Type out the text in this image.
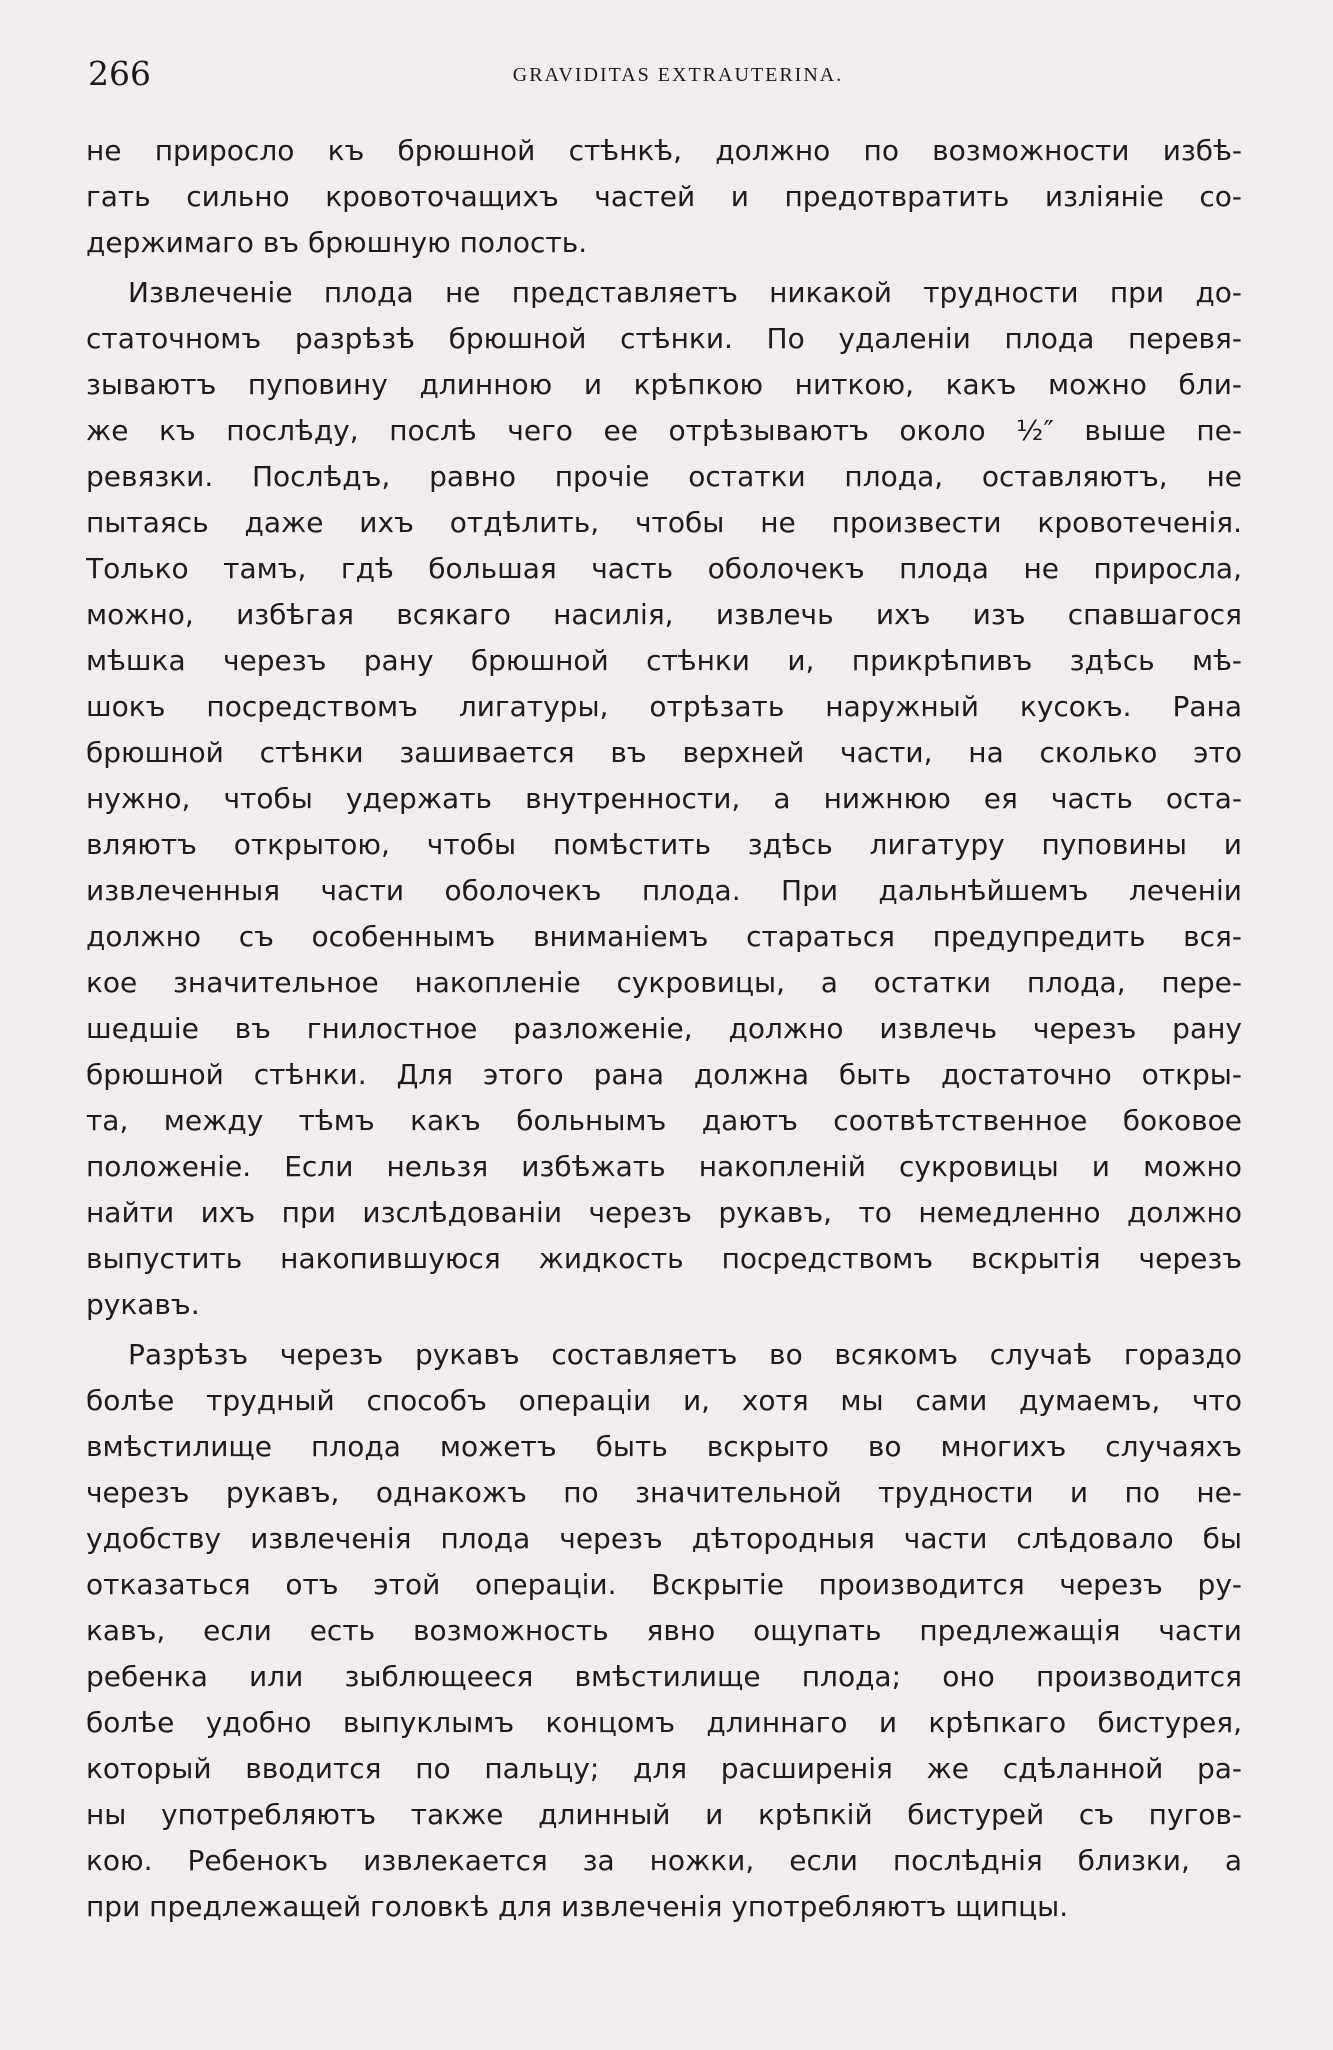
266	GRAVIDITAS EXTRAUTERINA.
не приросло къ брюшной стѣнкѣ, должно по возможности избѣ-
гать сильно кровоточащихъ частей и предотвратить изліяніе со-
держимаго въ брюшную полость.
Извлеченіе плода не представляетъ никакой трудности при до-
статочномъ разрѣзѣ брюшной стѣнки. По удаленіи плода перевя-
зываютъ пуповину длинною и крѣпкою ниткою, какъ можно бли-
же къ послѣду, послѣ чего ее отрѣзываютъ около ½″ выше пе-
ревязки. Послѣдъ, равно прочіе остатки плода, оставляютъ, не
пытаясь даже ихъ отдѣлить, чтобы не произвести кровотеченія.
Только тамъ, гдѣ большая часть оболочекъ плода не приросла,
можно, избѣгая всякаго насилія, извлечь ихъ изъ спавшагося
мѣшка черезъ рану брюшной стѣнки и, прикрѣпивъ здѣсь мѣ-
шокъ посредствомъ лигатуры, отрѣзать наружный кусокъ. Рана
брюшной стѣнки зашивается въ верхней части, на сколько это
нужно, чтобы удержать внутренности, а нижнюю ея часть оста-
вляютъ открытою, чтобы помѣстить здѣсь лигатуру пуповины и
извлеченныя части оболочекъ плода. При дальнѣйшемъ леченіи
должно съ особеннымъ вниманіемъ стараться предупредить вся-
кое значительное накопленіе сукровицы, а остатки плода, пере-
шедшіе въ гнилостное разложеніе, должно извлечь черезъ рану
брюшной стѣнки. Для этого рана должна быть достаточно откры-
та, между тѣмъ какъ больнымъ даютъ соотвѣтственное боковое
положеніе. Если нельзя избѣжать накопленій сукровицы и можно
найти ихъ при изслѣдованіи черезъ рукавъ, то немедленно должно
выпустить накопившуюся жидкость посредствомъ вскрытія черезъ
рукавъ.
Разрѣзъ черезъ рукавъ составляетъ во всякомъ случаѣ гораздо
болѣе трудный способъ операціи и, хотя мы сами думаемъ, что
вмѣстилище плода можетъ быть вскрыто во многихъ случаяхъ
черезъ рукавъ, однакожъ по значительной трудности и по не-
удобству извлеченія плода черезъ дѣтородныя части слѣдовало бы
отказаться отъ этой операціи. Вскрытіе производится черезъ ру-
кавъ, если есть возможность явно ощупать предлежащія части
ребенка или зыблющееся вмѣстилище плода; оно производится
болѣе удобно выпуклымъ концомъ длиннаго и крѣпкаго бистурея,
который вводится по пальцу; для расширенія же сдѣланной ра-
ны употребляютъ также длинный и крѣпкій бистурей съ пугов-
кою. Ребенокъ извлекается за ножки, если послѣднія близки, а
при предлежащей головкѣ для извлеченія употребляютъ щипцы.
